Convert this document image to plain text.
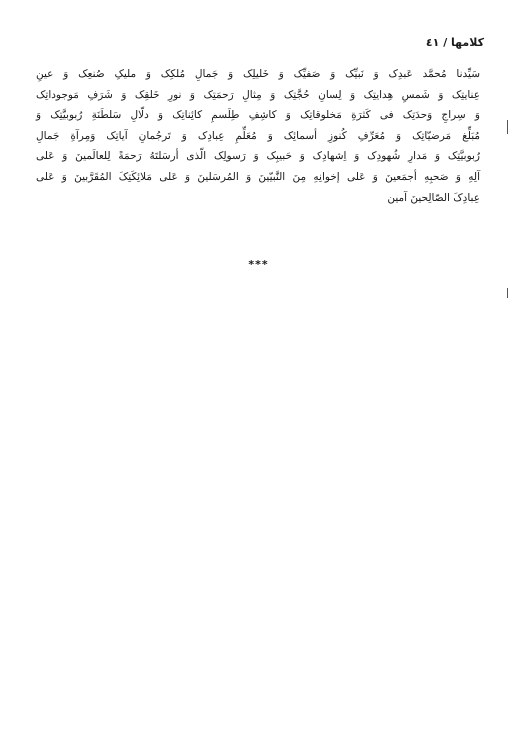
كلامها / ٤١
سَیِّدنا مُحمَّد عَبدِک وَ نَبیِّک وَ صَفیِّک وَ خَلیلِک وَ جَمالِ مُلکِک وَ ملیکِ صُنعِک وَ عینِ
عِنایتِک وَ شَمسِ هِدایتِک وَ لِسانِ حُجَّتِک وَ مِثالِ رَحمَتِک وَ نورِ خَلقِک وَ شَرَفِ مَوجوداتِک
وَ سِراجِ وَحدَتِک فی کَثرَةِ مَخلوقاتِک وَ کاشِفِ طِلَسمِ کائِناتِک وَ دلّالِ سَلطَنَةِ رُبوبیَّتِک وَ
مُبَلِّغ مَرضیّاتِک وَ مُعَرِّفِ کُنوزِ أسمائِک وَ مُعَلِّمِ عِبادِک وَ تَرجُمانِ آیاتِک وَمِرآةِ جَمالِ
رُبوبیَّتِک وَ مَدارِ شُهودِک وَ اِشهادِک وَ حَبیبِک وَ رَسولِک الّذی أرسَلتَهُ رَحمَةً لِلعالَمینَ وَ عَلی
آلِهِ وَ صَحبِهِ أجمَعینَ وَ عَلی إخوانِهِ مِنَ النَّبیّینَ وَ المُرسَلینَ وَ عَلی مَلائِکَتِکَ المُقَرَّبینَ وَ عَلی
عِبادِکَ الصّالِحینَ آمین
***
